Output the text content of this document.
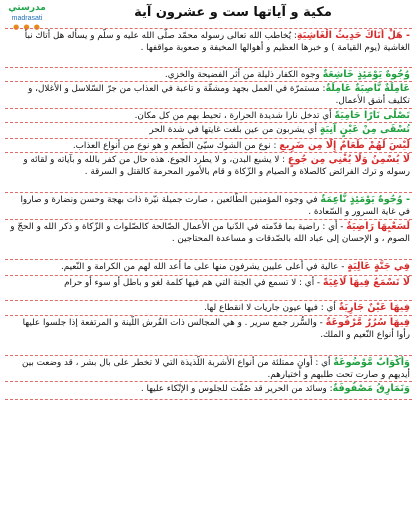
مدرستي
madrasati
● ● ●
مكية و آياتها ست و عشرون آية
- هَلْ أَتَاكَ حَدِيثُ الْغَاشِيَةِ: يُخاطب الله تعالى رسوله محمّد صلّى الله عليه و سلّم و يسأله هل أتاك نبأ الغاشية (يوم القيامة ) و خبرها العظيم و أهوالها المخيفة و صعوبة مواقفها .
وُجُوهٌ يَوْمَئِذٍ خَاشِعَةٌ وجوه الكفار ذليلة من أثر الفضيحة والخزي.
عَامِلَةٌ نَّاصِبَةٌ عَامِلَةٌ: مستمرّة في العمل بجهد ومشقّة و تاعبة في العذاب من جرّ السّلاسل و الأغلال، و تكليف أشق الأعمال.
تَصْلَى نَارًا حَامِيَةً أي تدخل نارا شديدة الحرارة ، تحيط بهم من كل مكان.
تُسْقَى مِنْ عَيْنٍ آنِيَةٍ أي يشربون من عين بلغت غايتها في شدة الحر
لَّيْسَ لَهُمْ طَعَامٌ إِلَّا مِن ضَرِيعٍ : نوع من الشوك سيّئ الطّعم و هو نوع من أنواع العذاب.
لَا يُسْمِنُ وَلَا يُغْنِي مِن جُوعٍ : لا يشبع البدن، و لا يطرد الجوع. هذه حال من كفر بالله و بآياته و لقائه و رسوله و ترك الفرائض كالصلاة و الصيام و الزّكاة و قام بالأمور المحرمة كالقتل و السرقة .
- وُجُوهٌ يَوْمَئِذٍ نَّاعِمَةٌ في وجوه المؤمنين الطّائعين ، صارت جميلة نيّرة ذات بهجة وحسن ونضارة و صاروا في غاية السرور و السّعادة .
لِّسَعْيِهَا رَاضِيَةٌ - أي : راضية بما قدّمته في الدّنيا من الأعمال الصّالحة كالصّلوات و الزّكاة و ذكر الله و الحجّ و الصوم ، و الإحسان إلى عباد الله بالصّدقات و مساعدة المحتاجين .
فِي جَنَّةٍ عَالِيَةٍ - عالية في أعلى عليين يشرفون منها على ما أعد الله لهم من الكرامة و النّعيم.
لَّا تَسْمَعُ فِيهَا لَاغِيَةً - أي : لا تسمع في الجنة التي هم فيها كلمة لغو و باطل أو سوء أو حرام
فِيهَا عَيْنٌ جَارِيَةٌ أي : فيها عيون جاريات لا انقطاع لها.
فِيهَا سُرُرٌ مَّرْفُوعَةٌ - والسُّرر جمع سرير . و هي المجالس ذات الفُرش اللّينة و المرتفعة إذا جلسوا عليها رأوا أنواع النّعيم و الملك.
وَأَكْوَابٌ مَّوْضُوعَةٌ أي : أوانٍ ممتلئة من أنواع الأشربة اللّذيذة التي لا تخطر على بال بشر ، قد وضعت بين أيديهم و صارت تحت طلبهم و اختيارهم.
وَنَمَارِقُ مَصْفُوفَةٌ: وسائد من الحرير قد صُفّت للجلوس و الإتّكاء عليها .
